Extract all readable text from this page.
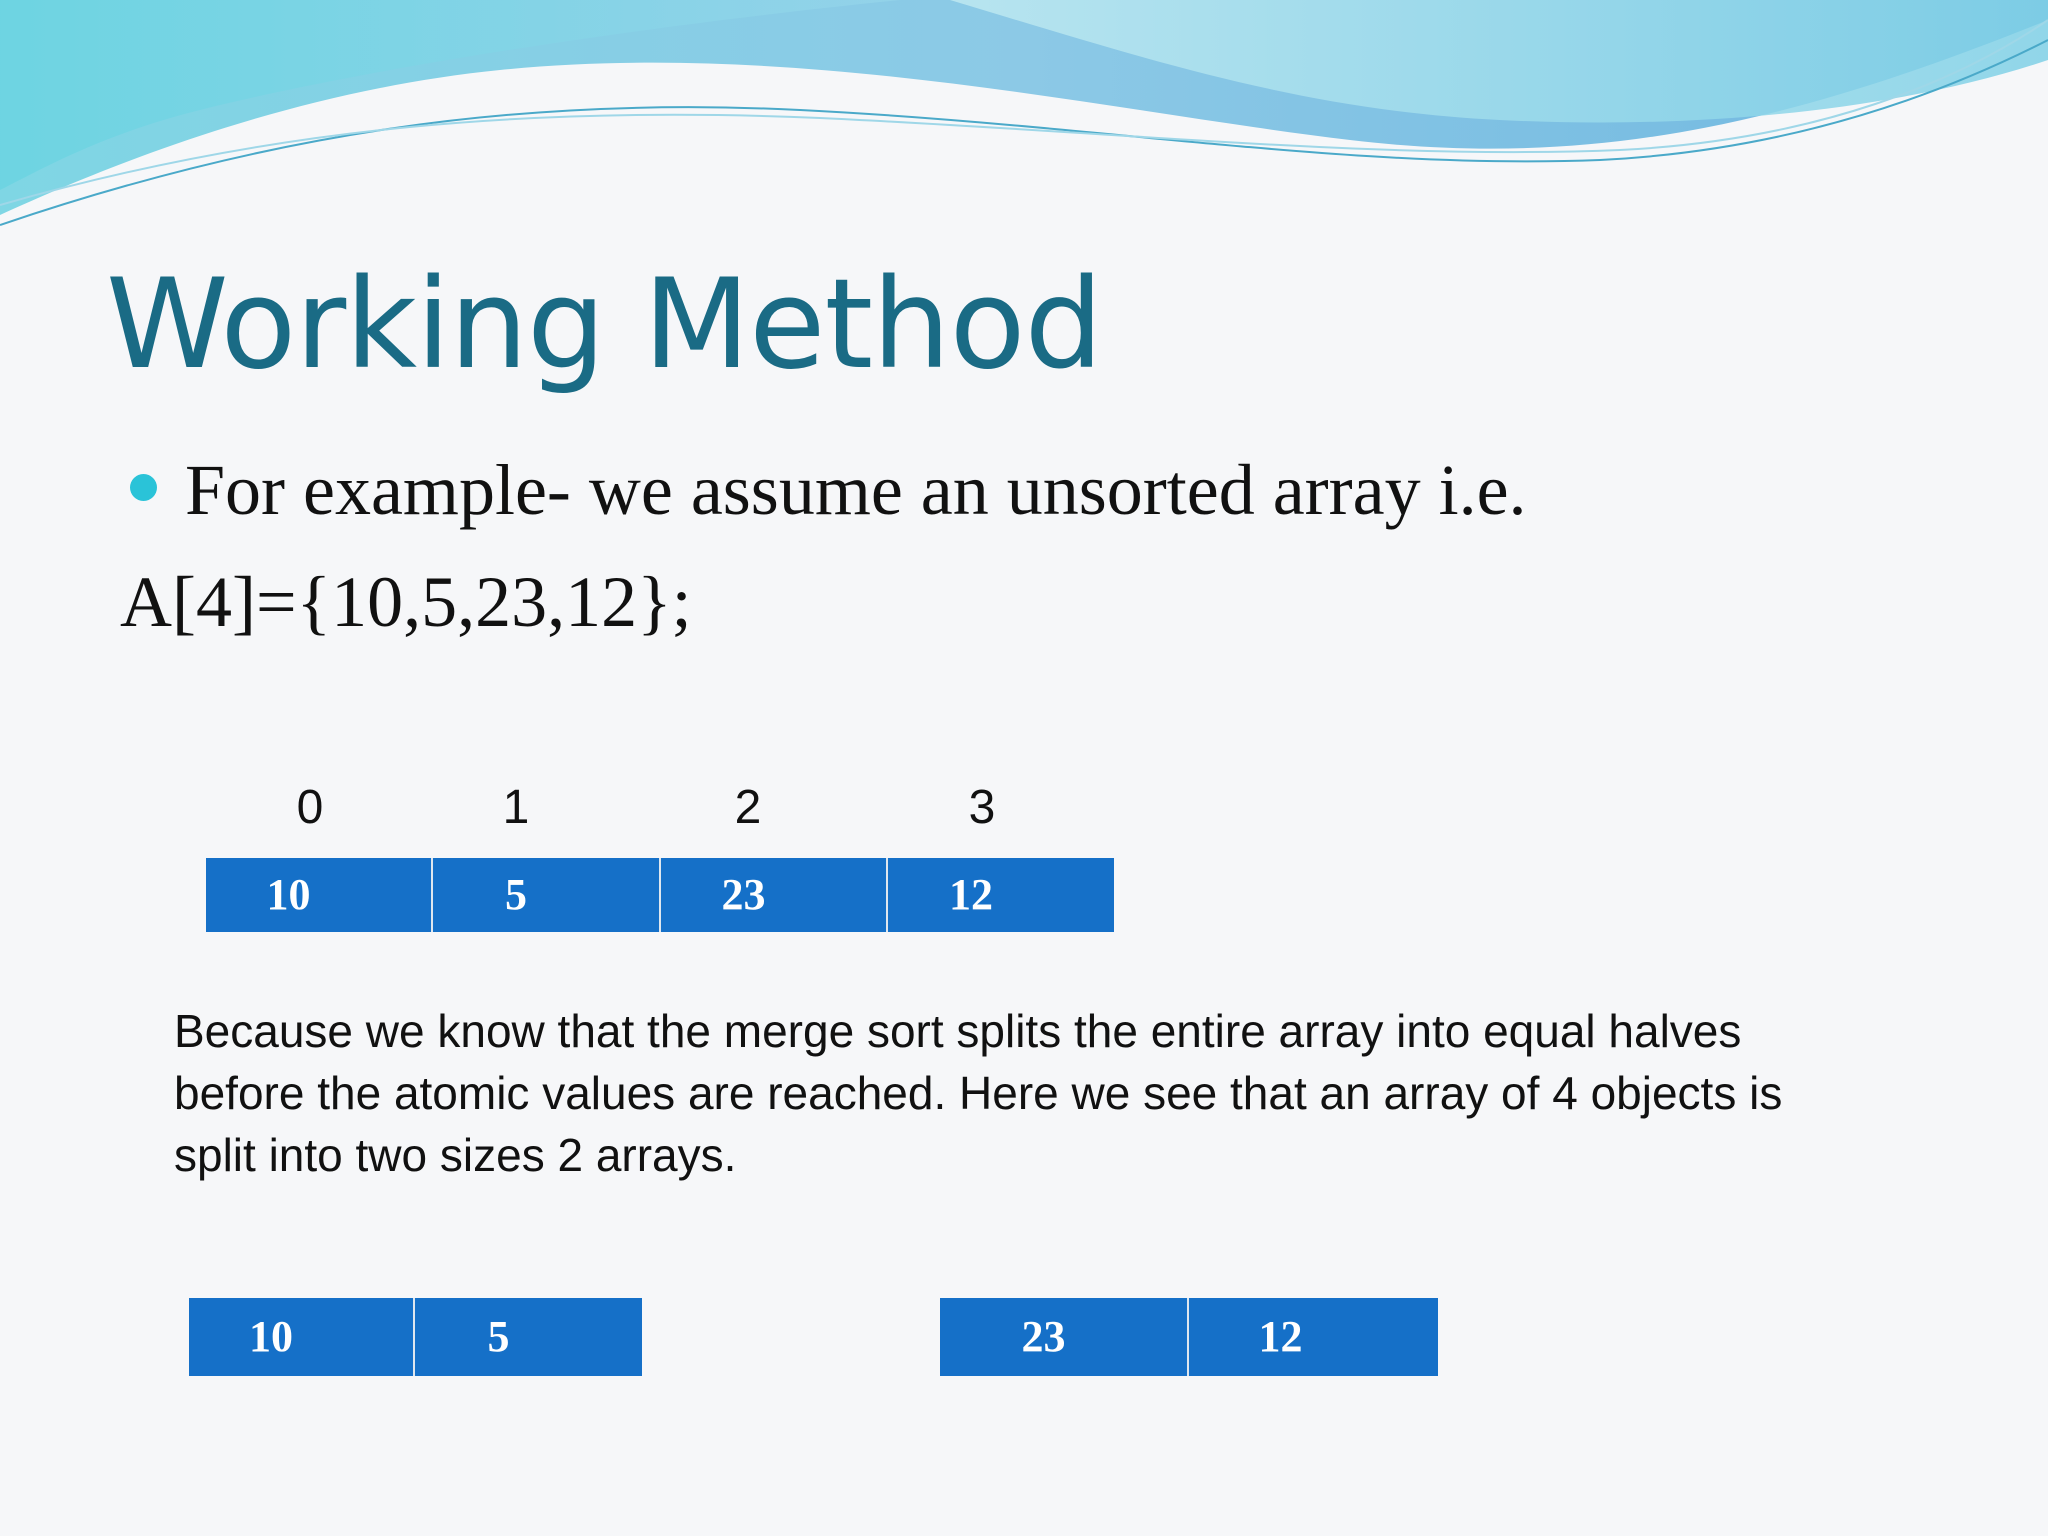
Working Method
For example- we assume an unsorted array i.e.
A[4]={10,5,23,12};
0	1	2	3
10	5	23	12

Because we know that the merge sort splits the entire array into equal halves before the atomic values are reached. Here we see that an array of 4 objects is split into two sizes 2 arrays.

10	5	23	12
